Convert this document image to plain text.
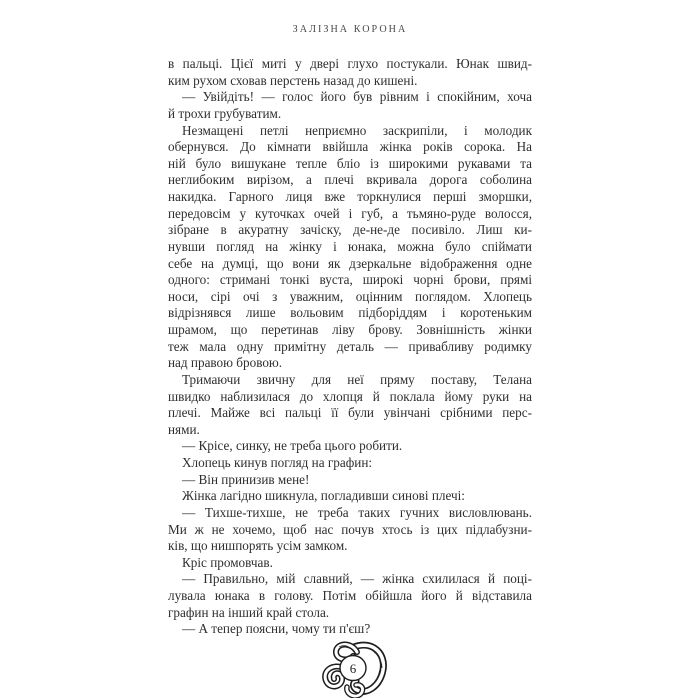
ЗАЛІЗНА КОРОНА
в пальці. Цієї миті у двері глухо постукали. Юнак швид-
ким рухом сховав перстень назад до кишені.
— Увійдіть! — голос його був рівним і спокійним, хоча
й трохи грубуватим.
Незмащені петлі неприємно заскрипіли, і молодик
обернувся. До кімнати ввійшла жінка років сорока. На
ній було вишукане тепле бліо із широкими рукавами та
неглибоким вирізом, а плечі вкривала дорога соболина
накидка. Гарного лиця вже торкнулися перші зморшки,
передовсім у куточках очей і губ, а тьмяно-руде волосся,
зібране в акуратну зачіску, де-не-де посивіло. Лиш ки-
нувши погляд на жінку і юнака, можна було спіймати
себе на думці, що вони як дзеркальне відображення одне
одного: стримані тонкі вуста, широкі чорні брови, прямі
носи, сірі очі з уважним, оцінним поглядом. Хлопець
відрізнявся лише вольовим підборіддям і коротеньким
шрамом, що перетинав ліву брову. Зовнішність жінки
теж мала одну примітну деталь — привабливу родимку
над правою бровою.
Тримаючи звичну для неї пряму поставу, Телана
швидко наблизилася до хлопця й поклала йому руки на
плечі. Майже всі пальці її були увінчані срібними перс-
нями.
— Крісе, синку, не треба цього робити.
Хлопець кинув погляд на графин:
— Він принизив мене!
Жінка лагідно шикнула, погладивши синові плечі:
— Тихше-тихше, не треба таких гучних висловлювань.
Ми ж не хочемо, щоб нас почув хтось із цих підлабузни-
ків, що нишпорять усім замком.
Кріс промовчав.
— Правильно, мій славний, — жінка схилилася й поці-
лувала юнака в голову. Потім обійшла його й відставила
графин на інший край стола.
— А тепер поясни, чому ти п'єш?
6
